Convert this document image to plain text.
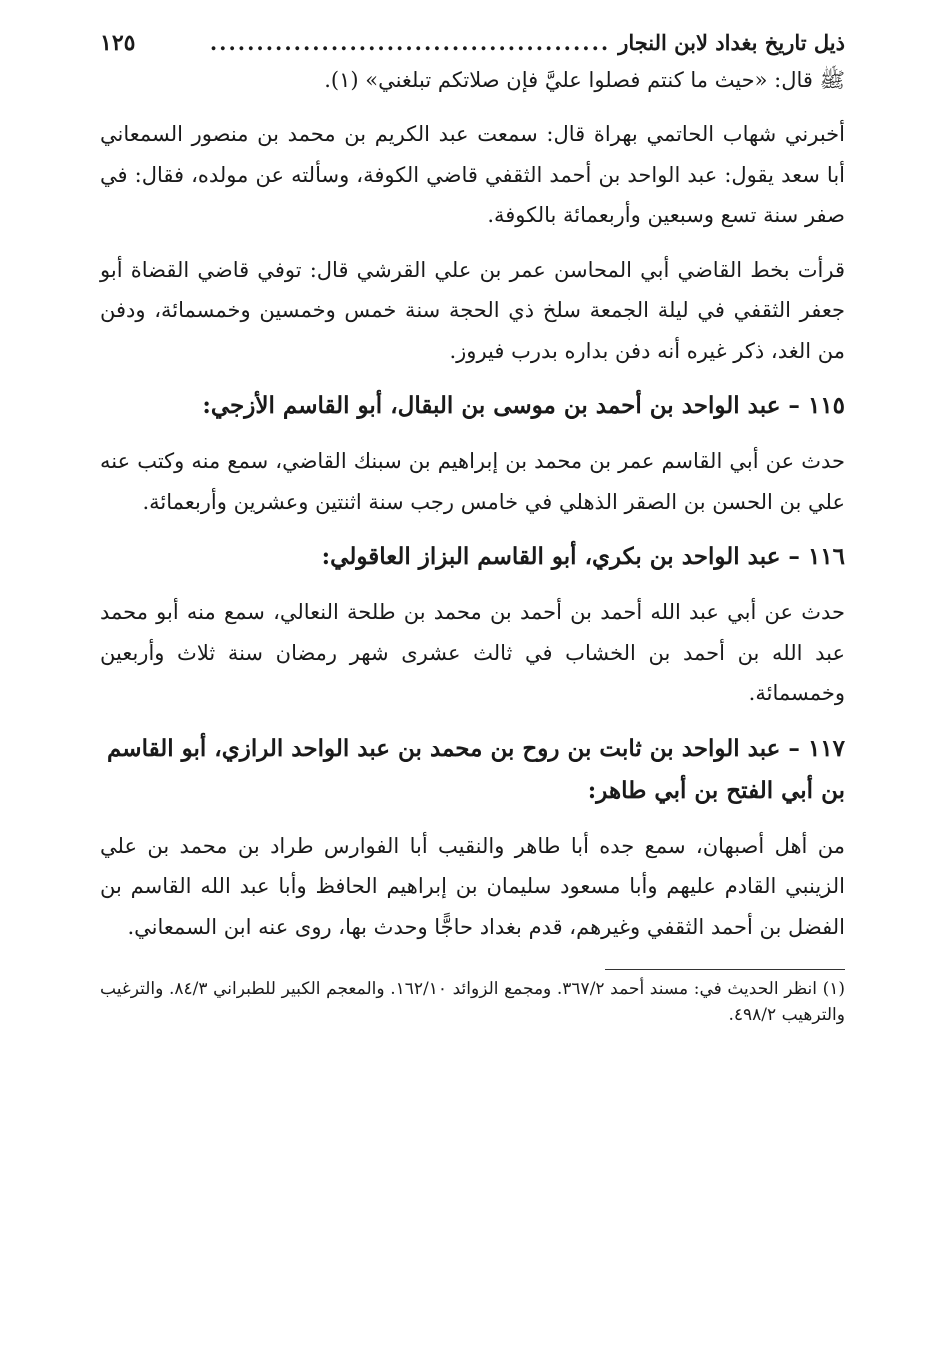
ذيل تاريخ بغداد لابن النجار
...........................................
١٢٥
ﷺ قال: «حيث ما كنتم فصلوا عليَّ فإن صلاتكم تبلغني» (١).

أخبرني شهاب الحاتمي بهراة قال: سمعت عبد الكريم بن محمد بن منصور السمعاني أبا سعد يقول: عبد الواحد بن أحمد الثقفي قاضي الكوفة، وسألته عن مولده، فقال: في صفر سنة تسع وسبعين وأربعمائة بالكوفة.

قرأت بخط القاضي أبي المحاسن عمر بن علي القرشي قال: توفي قاضي القضاة أبو جعفر الثقفي في ليلة الجمعة سلخ ذي الحجة سنة خمس وخمسين وخمسمائة، ودفن من الغد، ذكر غيره أنه دفن بداره بدرب فيروز.

١١٥ – عبد الواحد بن أحمد بن موسى بن البقال، أبو القاسم الأزجي:

حدث عن أبي القاسم عمر بن محمد بن إبراهيم بن سبنك القاضي، سمع منه وكتب عنه علي بن الحسن بن الصقر الذهلي في خامس رجب سنة اثنتين وعشرين وأربعمائة.

١١٦ – عبد الواحد بن بكري، أبو القاسم البزاز العاقولي:

حدث عن أبي عبد الله أحمد بن أحمد بن محمد بن طلحة النعالي، سمع منه أبو محمد عبد الله بن أحمد بن الخشاب في ثالث عشرى شهر رمضان سنة ثلاث وأربعين وخمسمائة.

١١٧ – عبد الواحد بن ثابت بن روح بن محمد بن عبد الواحد الرازي، أبو القاسم بن أبي الفتح بن أبي طاهر:

من أهل أصبهان، سمع جده أبا طاهر والنقيب أبا الفوارس طراد بن محمد بن علي الزينبي القادم عليهم وأبا مسعود سليمان بن إبراهيم الحافظ وأبا عبد الله القاسم بن الفضل بن أحمد الثقفي وغيرهم، قدم بغداد حاجًّا وحدث بها، روى عنه ابن السمعاني.

(١) انظر الحديث في: مسند أحمد ٣٦٧/٢. ومجمع الزوائد ١٦٢/١٠. والمعجم الكبير للطبراني ٨٤/٣. والترغيب والترهيب ٤٩٨/٢.
